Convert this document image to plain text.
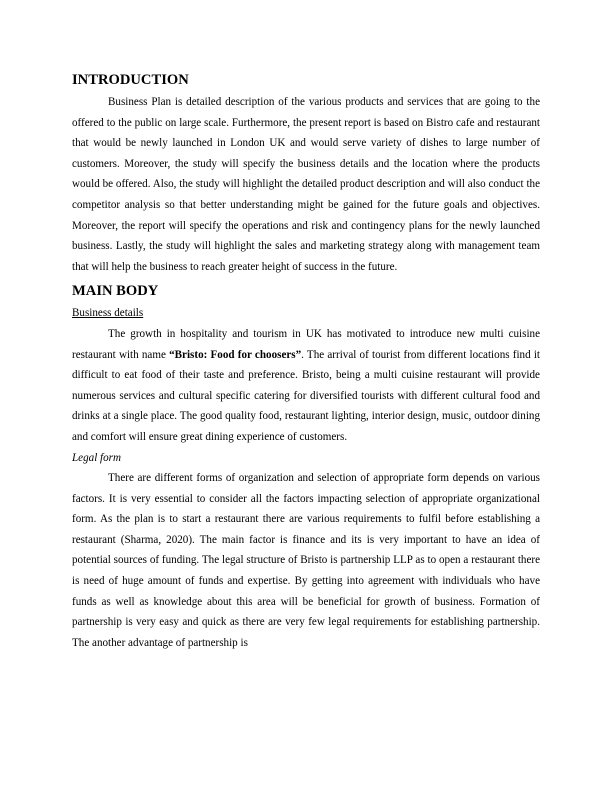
INTRODUCTION

Business Plan is detailed description of the various products and services that are going to the offered to the public on large scale. Furthermore, the present report is based on Bistro cafe and restaurant that would be newly launched in London UK and would serve variety of dishes to large number of customers. Moreover, the study will specify the business details and the location where the products would be offered. Also, the study will highlight the detailed product description and will also conduct the competitor analysis so that better understanding might be gained for the future goals and objectives. Moreover, the report will specify the operations and risk and contingency plans for the newly launched business. Lastly, the study will highlight the sales and marketing strategy along with management team that will help the business to reach greater height of success in the future.

MAIN BODY

Business details

The growth in hospitality and tourism in UK has motivated to introduce new multi cuisine restaurant with name “Bristo: Food for choosers”. The arrival of tourist from different locations find it difficult to eat food of their taste and preference. Bristo, being a multi cuisine restaurant will provide numerous services and cultural specific catering for diversified tourists with different cultural food and drinks at a single place. The good quality food, restaurant lighting, interior design, music, outdoor dining and comfort will ensure great dining experience of customers.

Legal form

There are different forms of organization and selection of appropriate form depends on various factors. It is very essential to consider all the factors impacting selection of appropriate organizational form. As the plan is to start a restaurant there are various requirements to fulfil before establishing a restaurant (Sharma, 2020). The main factor is finance and its is very important to have an idea of potential sources of funding. The legal structure of Bristo is partnership LLP as to open a restaurant there is need of huge amount of funds and expertise. By getting into agreement with individuals who have funds as well as knowledge about this area will be beneficial for growth of business. Formation of partnership is very easy and quick as there are very few legal requirements for establishing partnership. The another advantage of partnership is
